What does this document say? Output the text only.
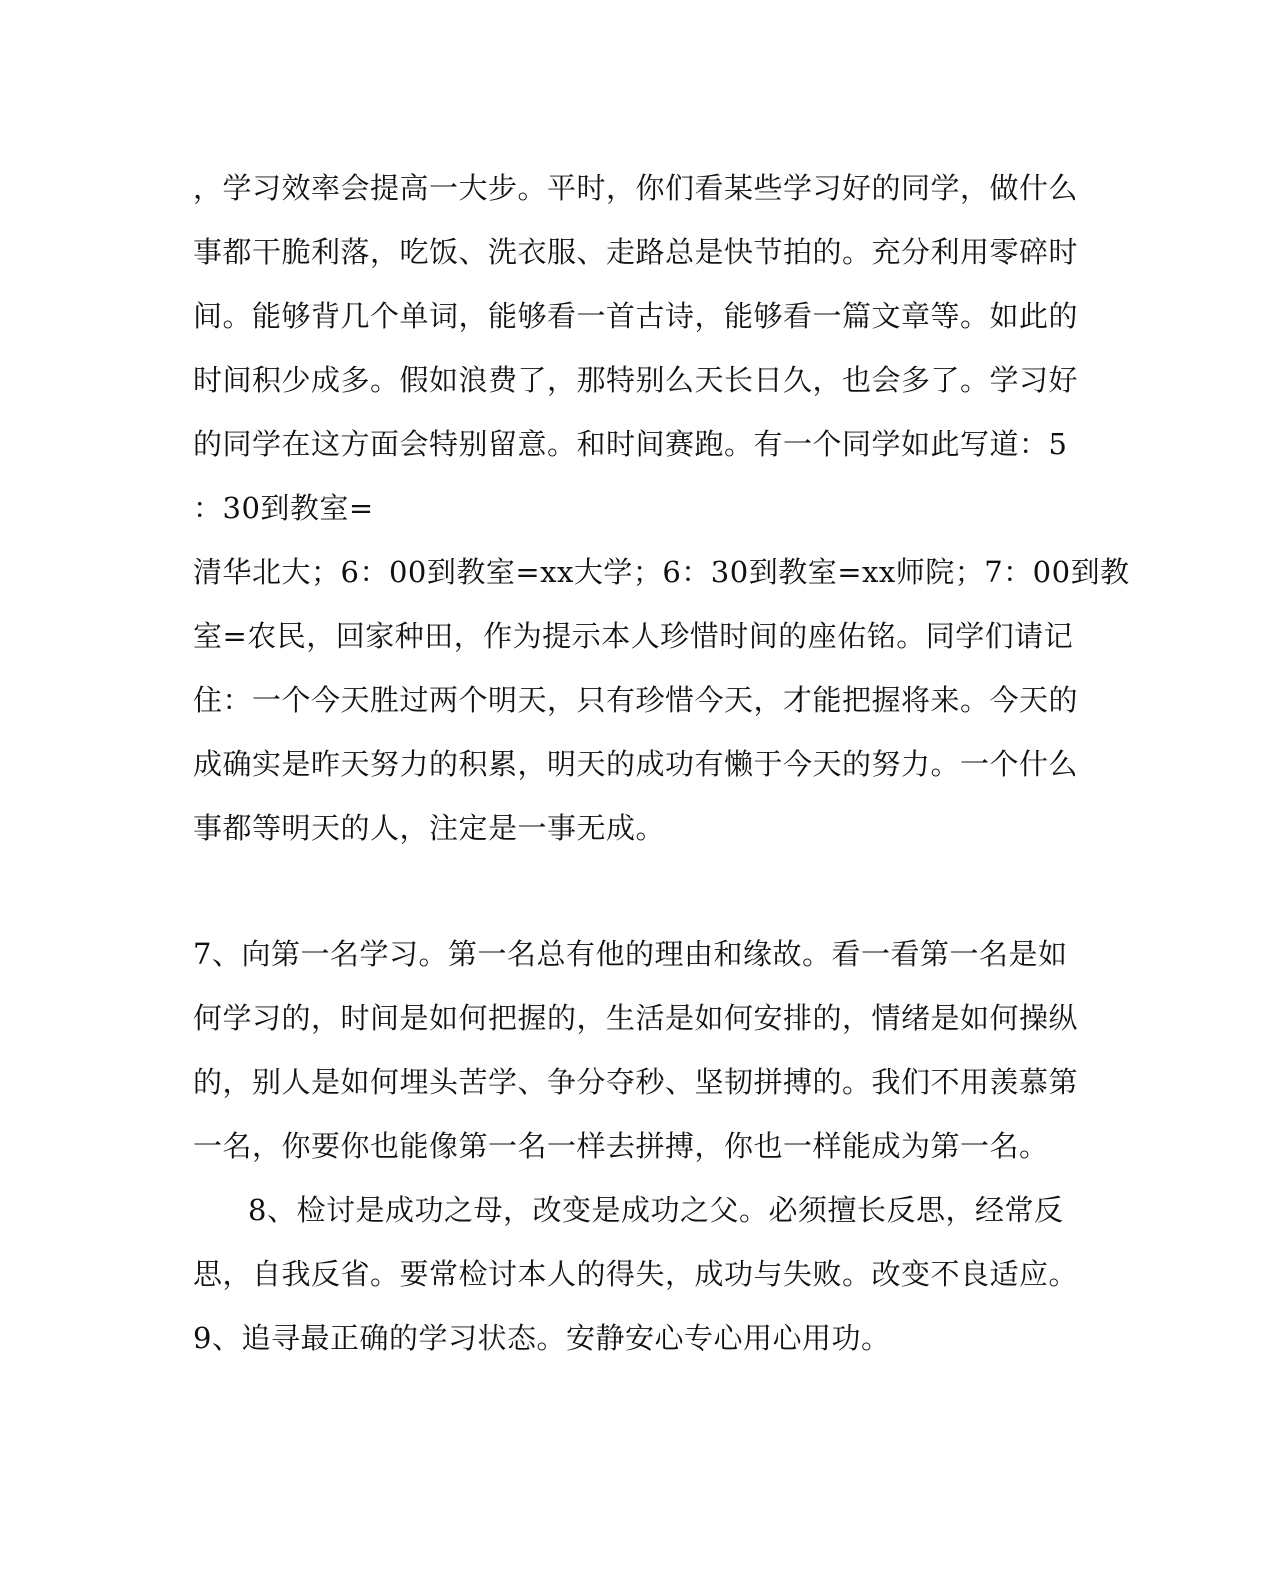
，学习效率会提高一大步。平时，你们看某些学习好的同学，做什么
事都干脆利落，吃饭、洗衣服、走路总是快节拍的。充分利用零碎时
间。能够背几个单词，能够看一首古诗，能够看一篇文章等。如此的
时间积少成多。假如浪费了，那特别么天长日久，也会多了。学习好
的同学在这方面会特别留意。和时间赛跑。有一个同学如此写道：5
：30到教室=
清华北大；6：00到教室=xx大学；6：30到教室=xx师院；7：00到教
室=农民，回家种田，作为提示本人珍惜时间的座佑铭。同学们请记
住：一个今天胜过两个明天，只有珍惜今天，才能把握将来。今天的
成确实是昨天努力的积累，明天的成功有懒于今天的努力。一个什么
事都等明天的人，注定是一事无成。
7、向第一名学习。第一名总有他的理由和缘故。看一看第一名是如
何学习的，时间是如何把握的，生活是如何安排的，情绪是如何操纵
的，别人是如何埋头苦学、争分夺秒、坚韧拼搏的。我们不用羡慕第
一名，你要你也能像第一名一样去拼搏，你也一样能成为第一名。
8、检讨是成功之母，改变是成功之父。必须擅长反思，经常反
思，自我反省。要常检讨本人的得失，成功与失败。改变不良适应。
9、追寻最正确的学习状态。安静安心专心用心用功。
